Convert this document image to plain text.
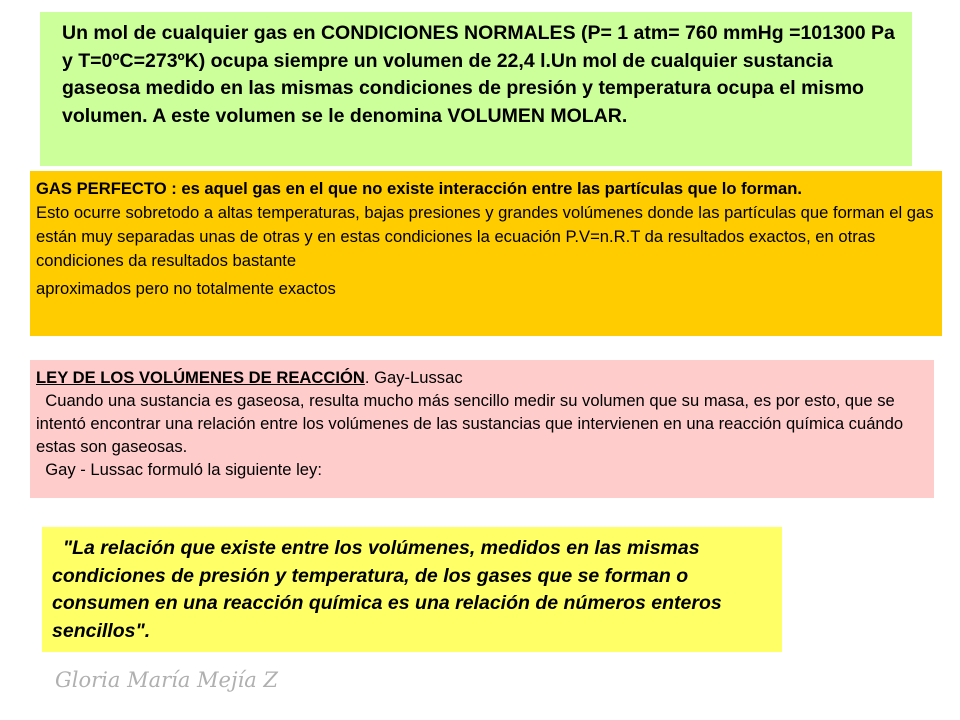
Un mol de cualquier gas en CONDICIONES NORMALES (P= 1 atm= 760 mmHg =101300 Pa y T=0ºC=273ºK) ocupa siempre un volumen de 22,4 l.Un mol de cualquier sustancia gaseosa medido en las mismas condiciones de presión y temperatura ocupa el mismo volumen. A este volumen se le denomina VOLUMEN MOLAR.

GAS PERFECTO : es aquel gas en el que no existe interacción entre las partículas que lo forman.

Esto ocurre sobretodo a altas temperaturas, bajas presiones y grandes volúmenes donde las partículas que forman el gas están muy separadas unas de otras y en estas condiciones la ecuación P.V=n.R.T da resultados exactos, en otras condiciones da resultados bastante

aproximados pero no totalmente exactos

LEY DE LOS VOLÚMENES DE REACCIÓN. Gay-Lussac

Cuando una sustancia es gaseosa, resulta mucho más sencillo medir su volumen que su masa, es por esto, que se intentó encontrar una relación entre los volúmenes de las sustancias que intervienen en una reacción química cuándo estas son gaseosas.

Gay - Lussac formuló la siguiente ley:

"La relación que existe entre los volúmenes, medidos en las mismas condiciones de presión y temperatura, de los gases que se forman o consumen en una reacción química es una relación de números enteros sencillos".

Gloria María Mejía Z
